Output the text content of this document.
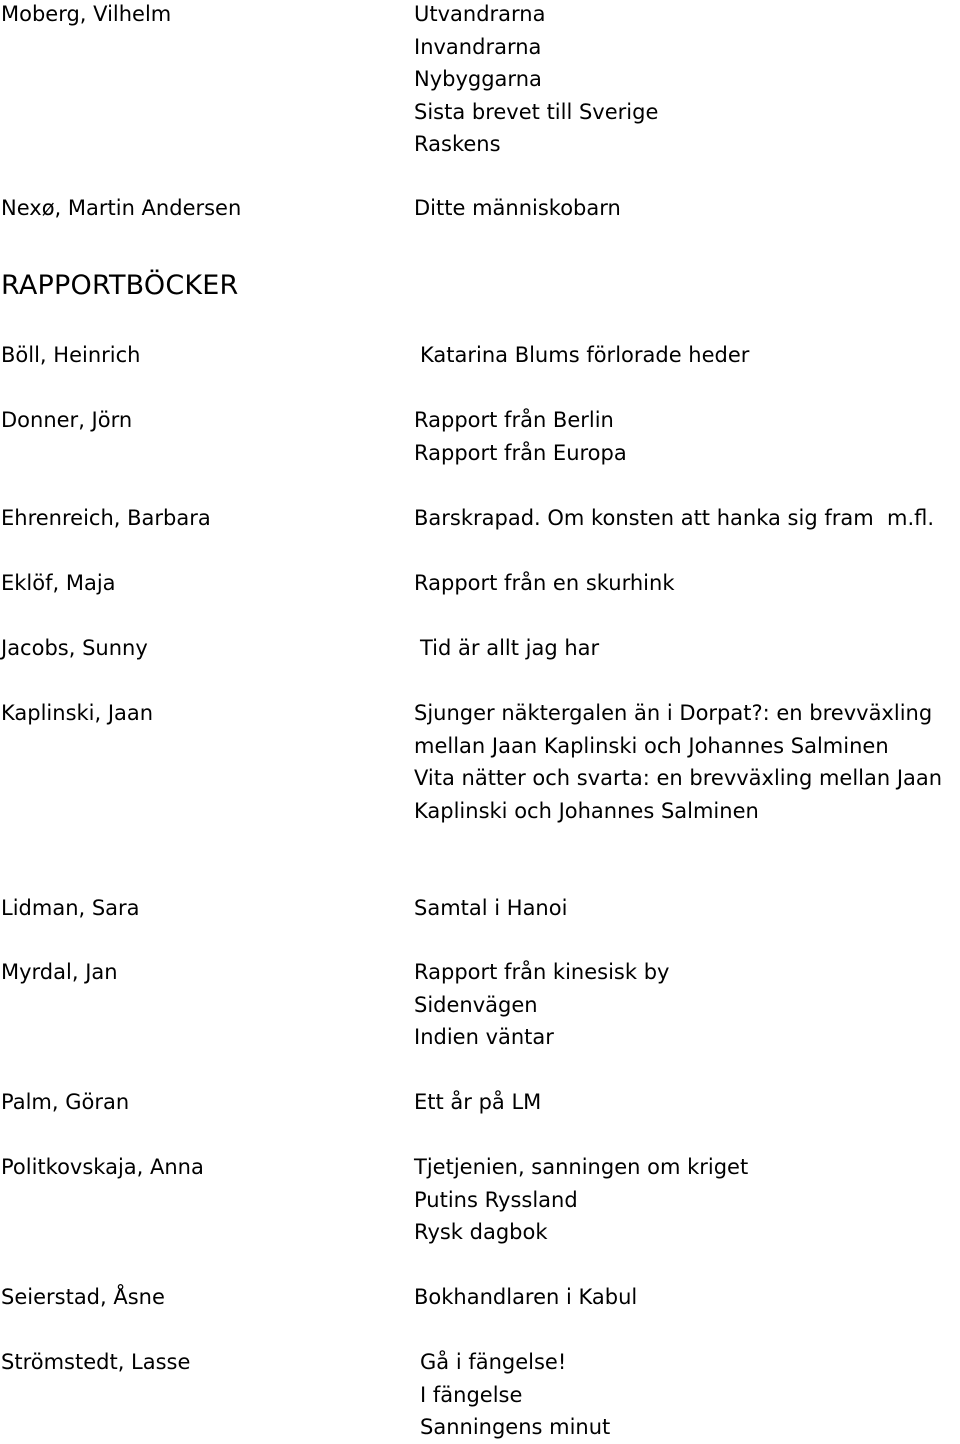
Moberg, Vilhelm	Utvandrarna
Invandrarna
Nybyggarna
Sista brevet till Sverige
Raskens
Nexø, Martin Andersen	Ditte människobarn
RAPPORTBÖCKER
Böll, Heinrich	Katarina Blums förlorade heder
Donner, Jörn	Rapport från Berlin
Rapport från Europa
Ehrenreich, Barbara	Barskrapad. Om konsten att hanka sig fram  m.fl.
Eklöf, Maja	Rapport från en skurhink
Jacobs, Sunny	Tid är allt jag har
Kaplinski, Jaan	Sjunger näktergalen än i Dorpat?: en brevväxling mellan Jaan Kaplinski och Johannes Salminen
Vita nätter och svarta: en brevväxling mellan Jaan Kaplinski och Johannes Salminen
Lidman, Sara	Samtal i Hanoi
Myrdal, Jan	Rapport från kinesisk by
Sidenvägen
Indien väntar
Palm, Göran	Ett år på LM
Politkovskaja, Anna	Tjetjenien, sanningen om kriget
Putins Ryssland
Rysk dagbok
Seierstad, Åsne	Bokhandlaren i Kabul
Strömstedt, Lasse	Gå i fängelse!
I fängelse
Sanningens minut
